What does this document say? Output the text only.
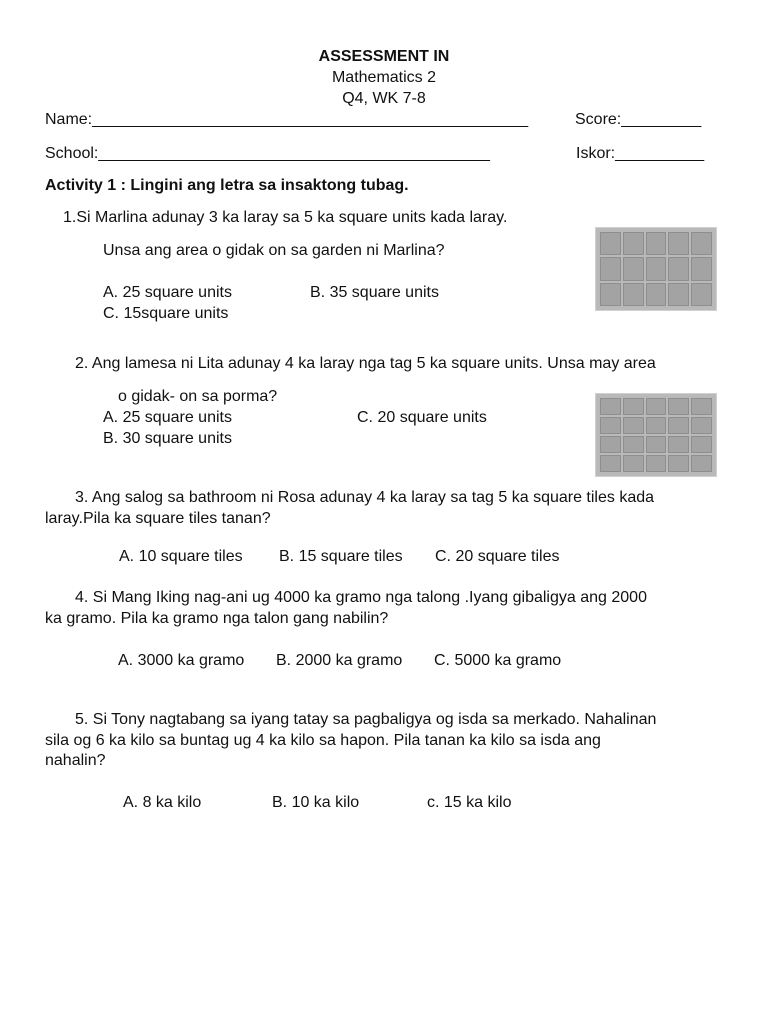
ASSESSMENT IN
Mathematics 2
Q4, WK 7-8
Name:_________________________________________________	Score:_________
School:____________________________________________	Iskor:__________
Activity 1 : Lingini ang letra sa insaktong tubag.
1.Si Marlina adunay 3 ka laray sa 5 ka square units kada laray.
Unsa ang area o gidak on sa garden ni Marlina?
A. 25 square units	B. 35 square units
C. 15square units
2. Ang lamesa ni Lita adunay 4 ka laray nga tag 5 ka square units. Unsa may area
o gidak- on sa porma?
A. 25 square units	C. 20 square units
B. 30 square units
3. Ang salog sa bathroom ni Rosa adunay 4 ka laray sa tag 5 ka square tiles kada
laray.Pila ka square tiles tanan?
A. 10 square tiles B. 15 square tiles C. 20 square tiles
4. Si Mang Iking nag-ani ug 4000 ka gramo nga talong .Iyang gibaligya ang 2000
ka gramo. Pila ka gramo nga talon gang nabilin?
A. 3000 ka gramo B. 2000 ka gramo C. 5000 ka gramo
5. Si Tony nagtabang sa iyang tatay sa pagbaligya og isda sa merkado. Nahalinan
sila og 6 ka kilo sa buntag ug 4 ka kilo sa hapon. Pila tanan ka kilo sa isda ang
nahalin?
A. 8 ka kilo	B. 10 ka kilo	c. 15 ka kilo
